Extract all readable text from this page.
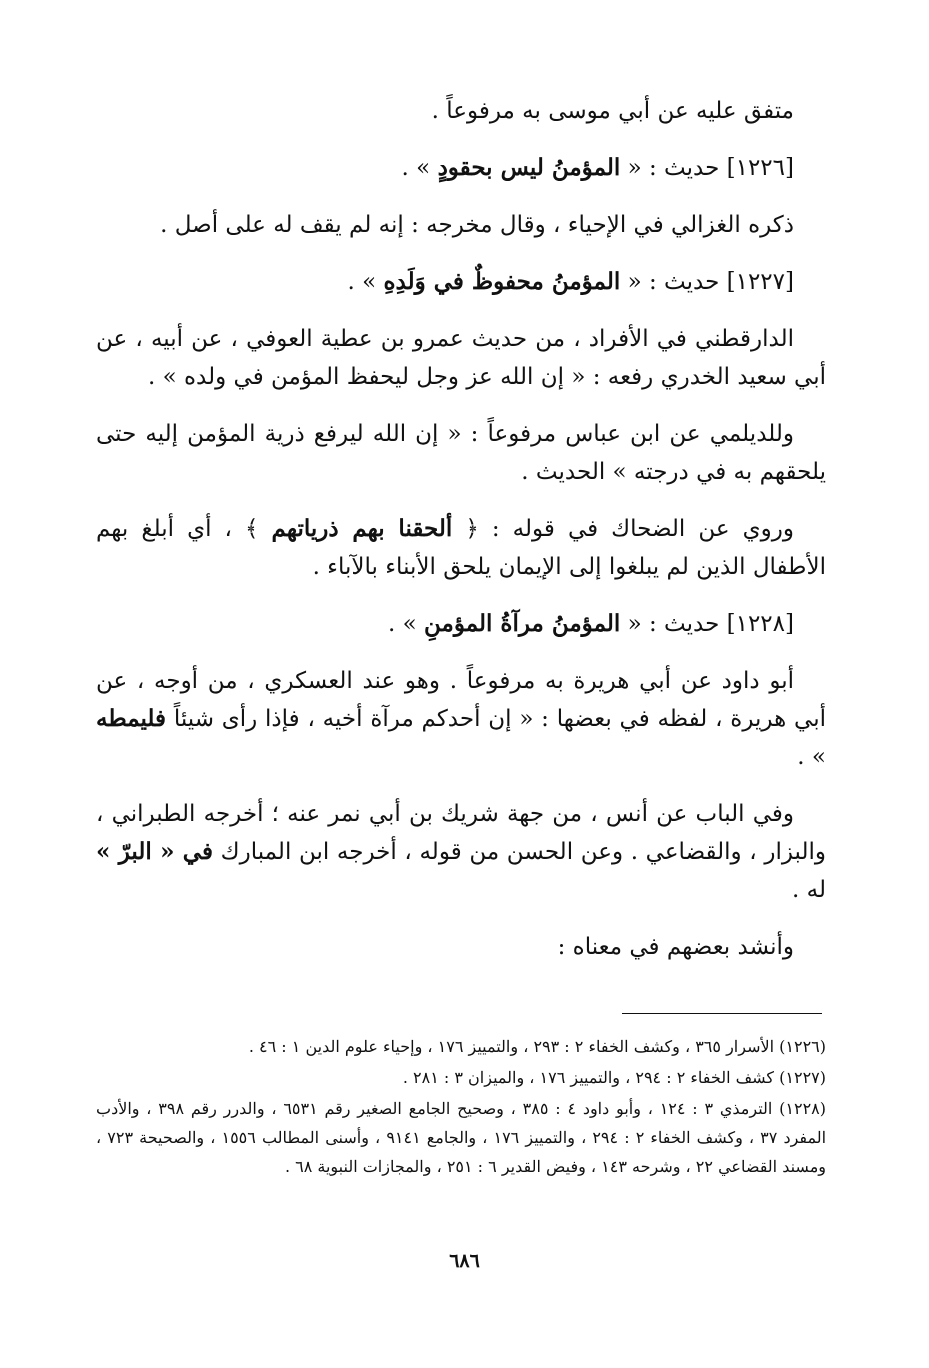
متفق عليه عن أبي موسى به مرفوعاً .

[١٢٢٦] حديث : « المؤمنُ ليس بحقودٍ » .

ذكره الغزالي في الإحياء ، وقال مخرجه : إنه لم يقف له على أصل .

[١٢٢٧] حديث : « المؤمنُ محفوظٌ في وَلَدِهِ » .

الدارقطني في الأفراد ، من حديث عمرو بن عطية العوفي ، عن أبيه ، عن أبي سعيد الخدري رفعه : « إن الله عز وجل ليحفظ المؤمن في ولده » .

وللديلمي عن ابن عباس مرفوعاً : « إن الله ليرفع ذرية المؤمن إليه حتى يلحقهم به في درجته » الحديث .

وروي عن الضحاك في قوله : ﴿ ألحقنا بهم ذرياتهم ﴾ ، أي أبلغ بهم الأطفال الذين لم يبلغوا إلى الإيمان يلحق الأبناء بالآباء .

[١٢٢٨] حديث : « المؤمنُ مرآةُ المؤمنِ » .

أبو داود عن أبي هريرة به مرفوعاً . وهو عند العسكري ، من أوجه ، عن أبي هريرة ، لفظه في بعضها : « إن أحدكم مرآة أخيه ، فإذا رأى شيئاً فليمطه » .

وفي الباب عن أنس ، من جهة شريك بن أبي نمر عنه ؛ أخرجه الطبراني ، والبزار ، والقضاعي . وعن الحسن من قوله ، أخرجه ابن المبارك في « البرّ » له .

وأنشد بعضهم في معناه :

(١٢٢٦) الأسرار ٣٦٥ ، وكشف الخفاء ٢ : ٢٩٣ ، والتمييز ١٧٦ ، وإحياء علوم الدين ١ : ٤٦ .

(١٢٢٧) كشف الخفاء ٢ : ٢٩٤ ، والتمييز ١٧٦ ، والميزان ٣ : ٢٨١ .

(١٢٢٨) الترمذي ٣ : ١٢٤ ، وأبو داود ٤ : ٣٨٥ ، وصحيح الجامع الصغير رقم ٦٥٣١ ، والدرر رقم ٣٩٨ ، والأدب المفرد ٣٧ ، وكشف الخفاء ٢ : ٢٩٤ ، والتمييز ١٧٦ ، والجامع ٩١٤١ ، وأسنى المطالب ١٥٥٦ ، والصحيحة ٧٢٣ ، ومسند القضاعي ٢٢ ، وشرحه ١٤٣ ، وفيض القدير ٦ : ٢٥١ ، والمجازات النبوية ٦٨ .

٦٨٦
